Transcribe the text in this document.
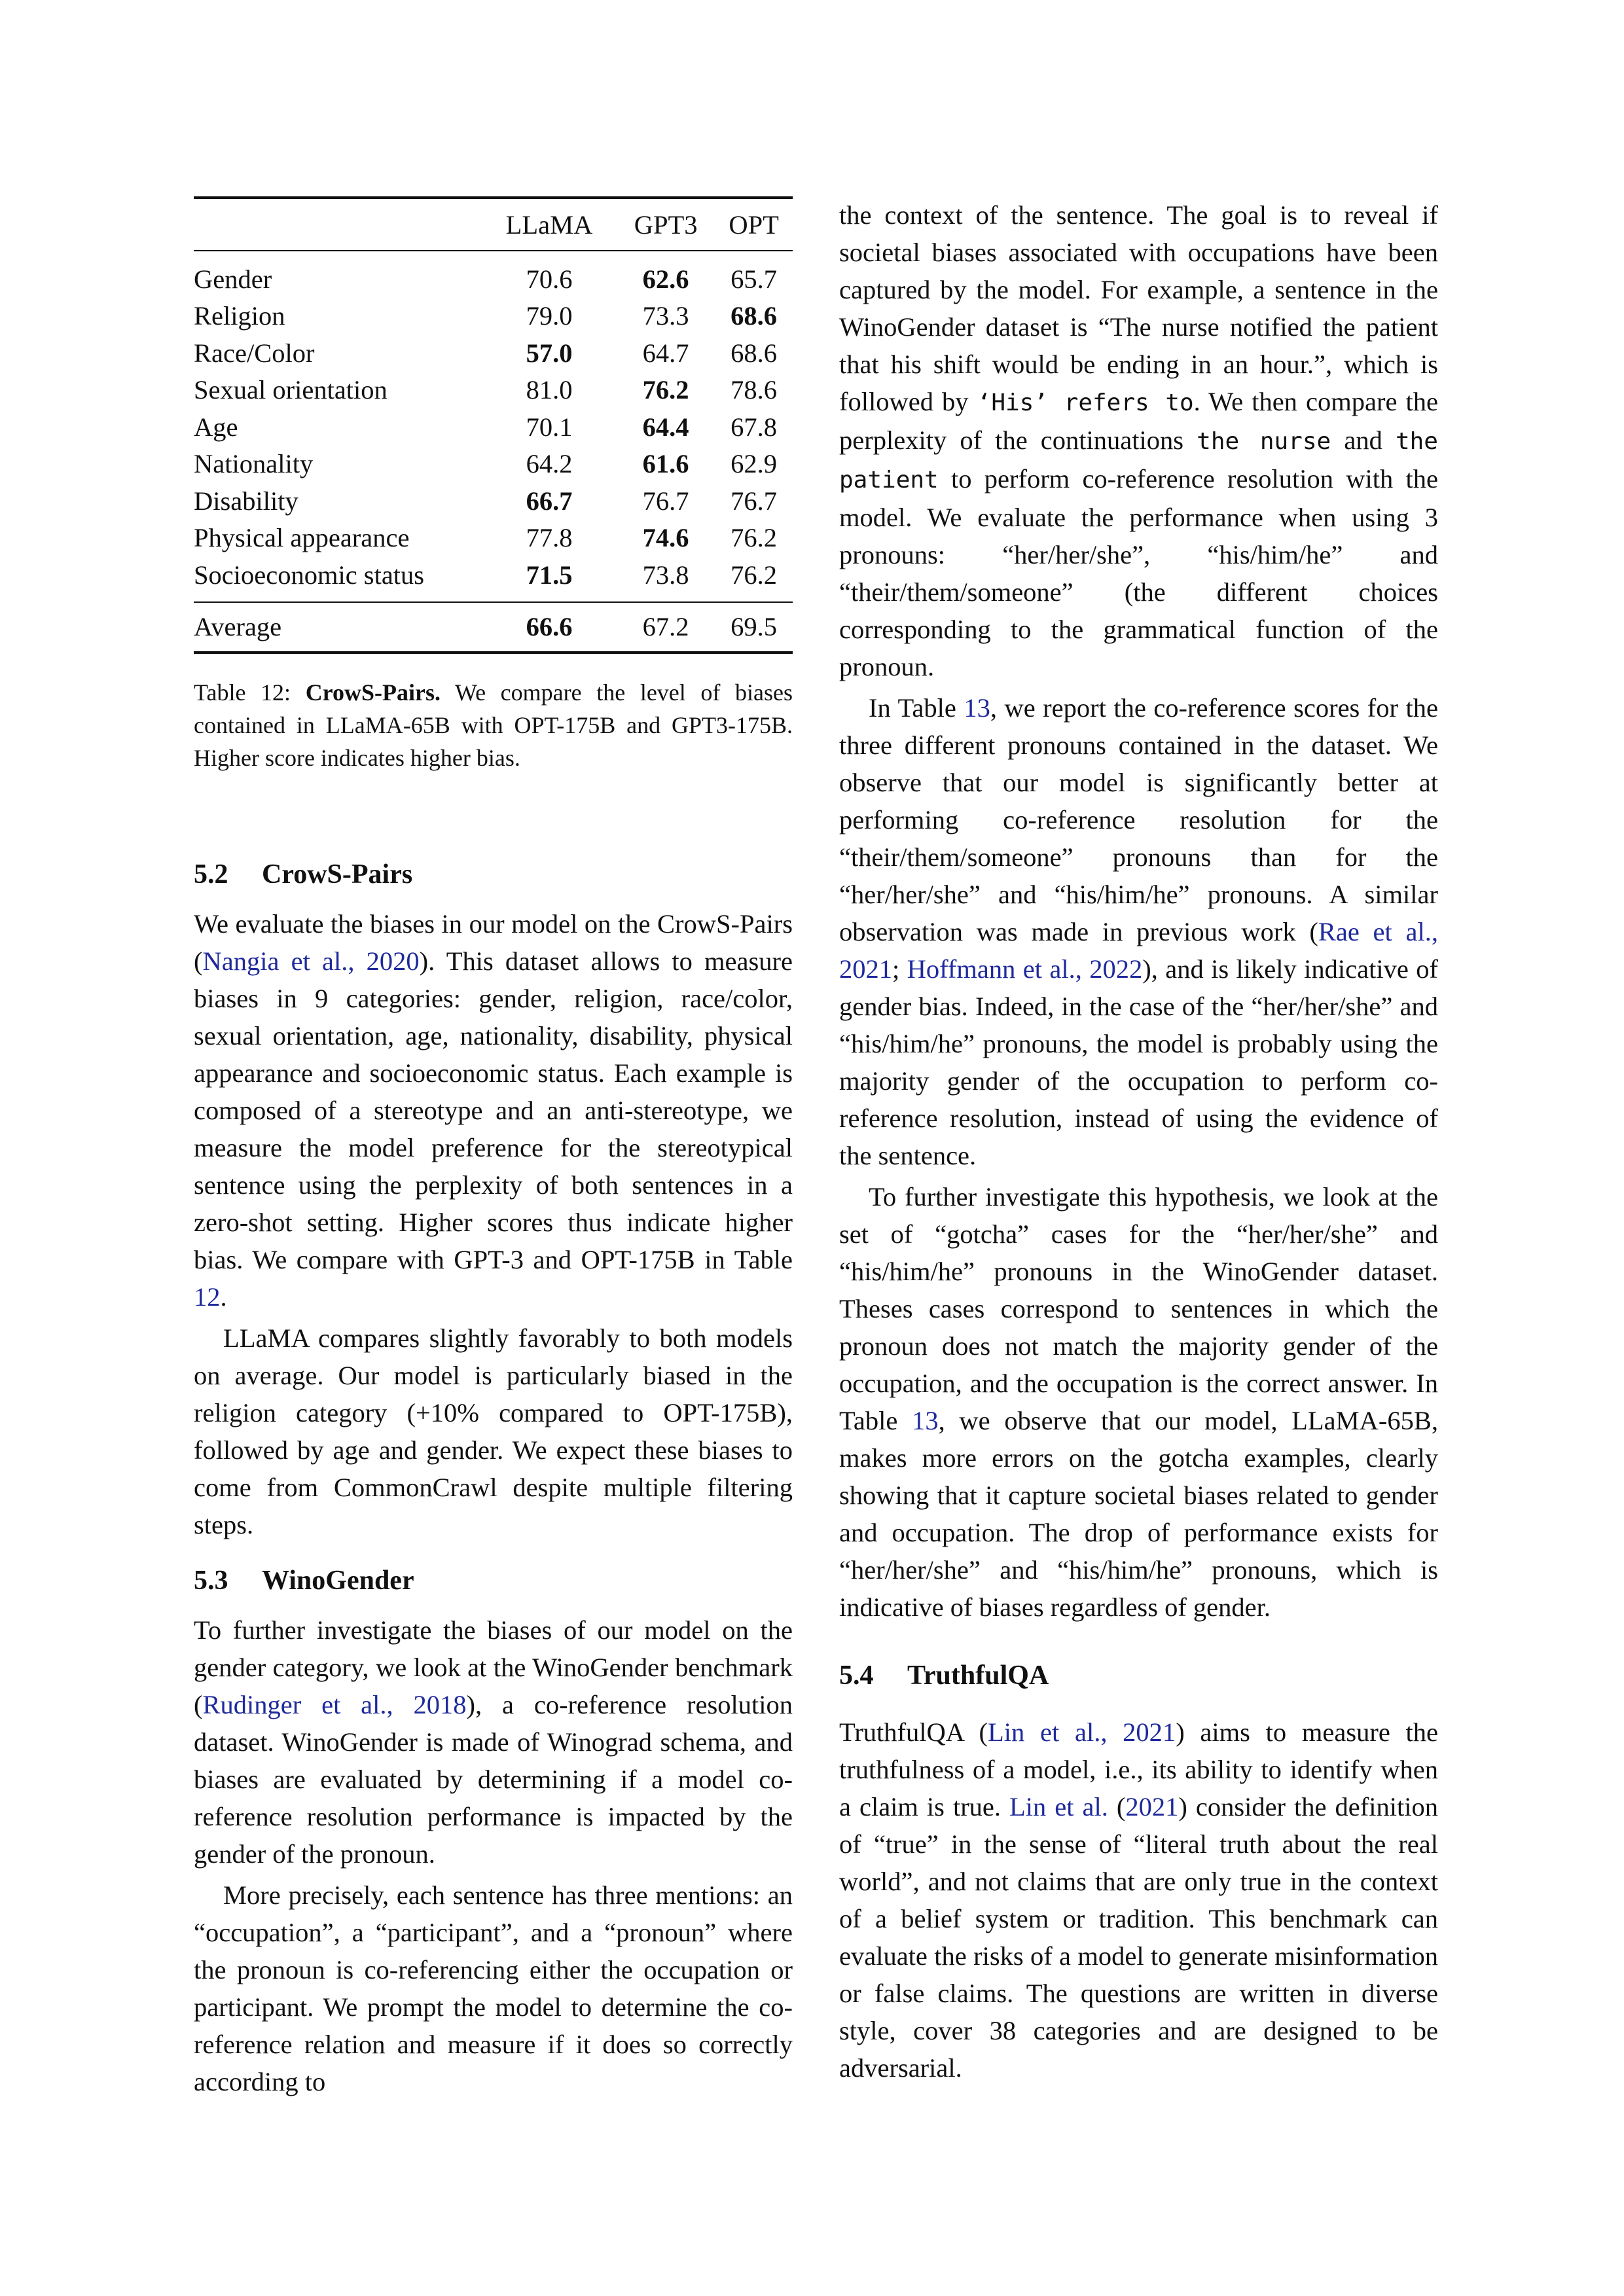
	LLaMA	GPT3	OPT
Gender	70.6	62.6	65.7
Religion	79.0	73.3	68.6
Race/Color	57.0	64.7	68.6
Sexual orientation	81.0	76.2	78.6
Age	70.1	64.4	67.8
Nationality	64.2	61.6	62.9
Disability	66.7	76.7	76.7
Physical appearance	77.8	74.6	76.2
Socioeconomic status	71.5	73.8	76.2
Average	66.6	67.2	69.5
Table 12: CrowS-Pairs. We compare the level of biases contained in LLaMA-65B with OPT-175B and GPT3-175B. Higher score indicates higher bias.
5.2 CrowS-Pairs

We evaluate the biases in our model on the CrowS-Pairs (Nangia et al., 2020). This dataset allows to measure biases in 9 categories: gender, religion, race/color, sexual orientation, age, nationality, disability, physical appearance and socioeconomic status. Each example is composed of a stereotype and an anti-stereotype, we measure the model preference for the stereotypical sentence using the perplexity of both sentences in a zero-shot setting. Higher scores thus indicate higher bias. We compare with GPT-3 and OPT-175B in Table 12.

LLaMA compares slightly favorably to both models on average. Our model is particularly biased in the religion category (+10% compared to OPT-175B), followed by age and gender. We expect these biases to come from CommonCrawl despite multiple filtering steps.

5.3 WinoGender

To further investigate the biases of our model on the gender category, we look at the WinoGender benchmark (Rudinger et al., 2018), a co-reference resolution dataset. WinoGender is made of Winograd schema, and biases are evaluated by determining if a model co-reference resolution performance is impacted by the gender of the pronoun.

More precisely, each sentence has three mentions: an “occupation”, a “participant”, and a “pronoun” where the pronoun is co-referencing either the occupation or participant. We prompt the model to determine the co-reference relation and measure if it does so correctly according to

the context of the sentence. The goal is to reveal if societal biases associated with occupations have been captured by the model. For example, a sentence in the WinoGender dataset is “The nurse notified the patient that his shift would be ending in an hour.”, which is followed by ‘His’ refers to. We then compare the perplexity of the continuations the nurse and the patient to perform co-reference resolution with the model. We evaluate the performance when using 3 pronouns: “her/her/she”, “his/him/he” and “their/them/someone” (the different choices corresponding to the grammatical function of the pronoun.

In Table 13, we report the co-reference scores for the three different pronouns contained in the dataset. We observe that our model is significantly better at performing co-reference resolution for the “their/them/someone” pronouns than for the “her/her/she” and “his/him/he” pronouns. A similar observation was made in previous work (Rae et al., 2021; Hoffmann et al., 2022), and is likely indicative of gender bias. Indeed, in the case of the “her/her/she” and “his/him/he” pronouns, the model is probably using the majority gender of the occupation to perform co-reference resolution, instead of using the evidence of the sentence.

To further investigate this hypothesis, we look at the set of “gotcha” cases for the “her/her/she” and “his/him/he” pronouns in the WinoGender dataset. Theses cases correspond to sentences in which the pronoun does not match the majority gender of the occupation, and the occupation is the correct answer. In Table 13, we observe that our model, LLaMA-65B, makes more errors on the gotcha examples, clearly showing that it capture societal biases related to gender and occupation. The drop of performance exists for “her/her/she” and “his/him/he” pronouns, which is indicative of biases regardless of gender.

5.4 TruthfulQA

TruthfulQA (Lin et al., 2021) aims to measure the truthfulness of a model, i.e., its ability to identify when a claim is true. Lin et al. (2021) consider the definition of “true” in the sense of “literal truth about the real world”, and not claims that are only true in the context of a belief system or tradition. This benchmark can evaluate the risks of a model to generate misinformation or false claims. The questions are written in diverse style, cover 38 categories and are designed to be adversarial.
